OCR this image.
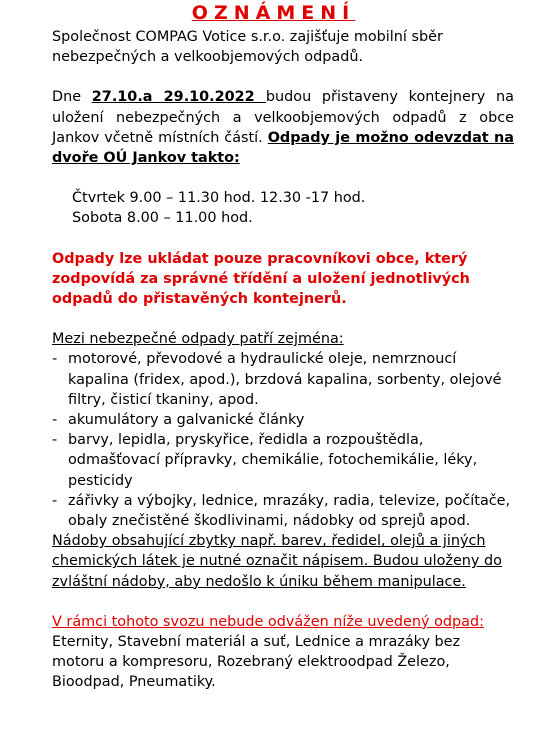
OZNÁMENÍ

Společnost COMPAG Votice s.r.o. zajišťuje mobilní sběr nebezpečných a velkoobjemových odpadů.

Dne 27.10.a 29.10.2022 budou přistaveny kontejnery na uložení nebezpečných a velkoobjemových odpadů z obce Jankov včetně místních částí. Odpady je možno odevzdat na dvoře OÚ Jankov takto:

Čtvrtek 9.00 – 11.30 hod. 12.30 -17 hod.

Sobota 8.00 – 11.00 hod.

Odpady lze ukládat pouze pracovníkovi obce, který zodpovídá za správné třídění a uložení jednotlivých odpadů do přistavěných kontejnerů.

Mezi nebezpečné odpady patří zejména:

- motorové, převodové a hydraulické oleje, nemrznoucí kapalina (fridex, apod.), brzdová kapalina, sorbenty, olejové filtry, čisticí tkaniny, apod.
- akumulátory a galvanické články
- barvy, lepidla, pryskyřice, ředidla a rozpouštědla, odmašťovací přípravky, chemikálie, fotochemikálie, léky, pesticidy
- zářivky a výbojky, lednice, mrazáky, radia, televize, počítače, obaly znečistěné škodlivinami, nádobky od sprejů apod.

Nádoby obsahující zbytky např. barev, ředidel, olejů a jiných chemických látek je nutné označit nápisem. Budou uloženy do zvláštní nádoby, aby nedošlo k úniku během manipulace.

V rámci tohoto svozu nebude odvážen níže uvedený odpad:

Eternity, Stavební materiál a suť, Lednice a mrazáky bez motoru a kompresoru, Rozebraný elektroodpad Železo, Bioodpad, Pneumatiky.
